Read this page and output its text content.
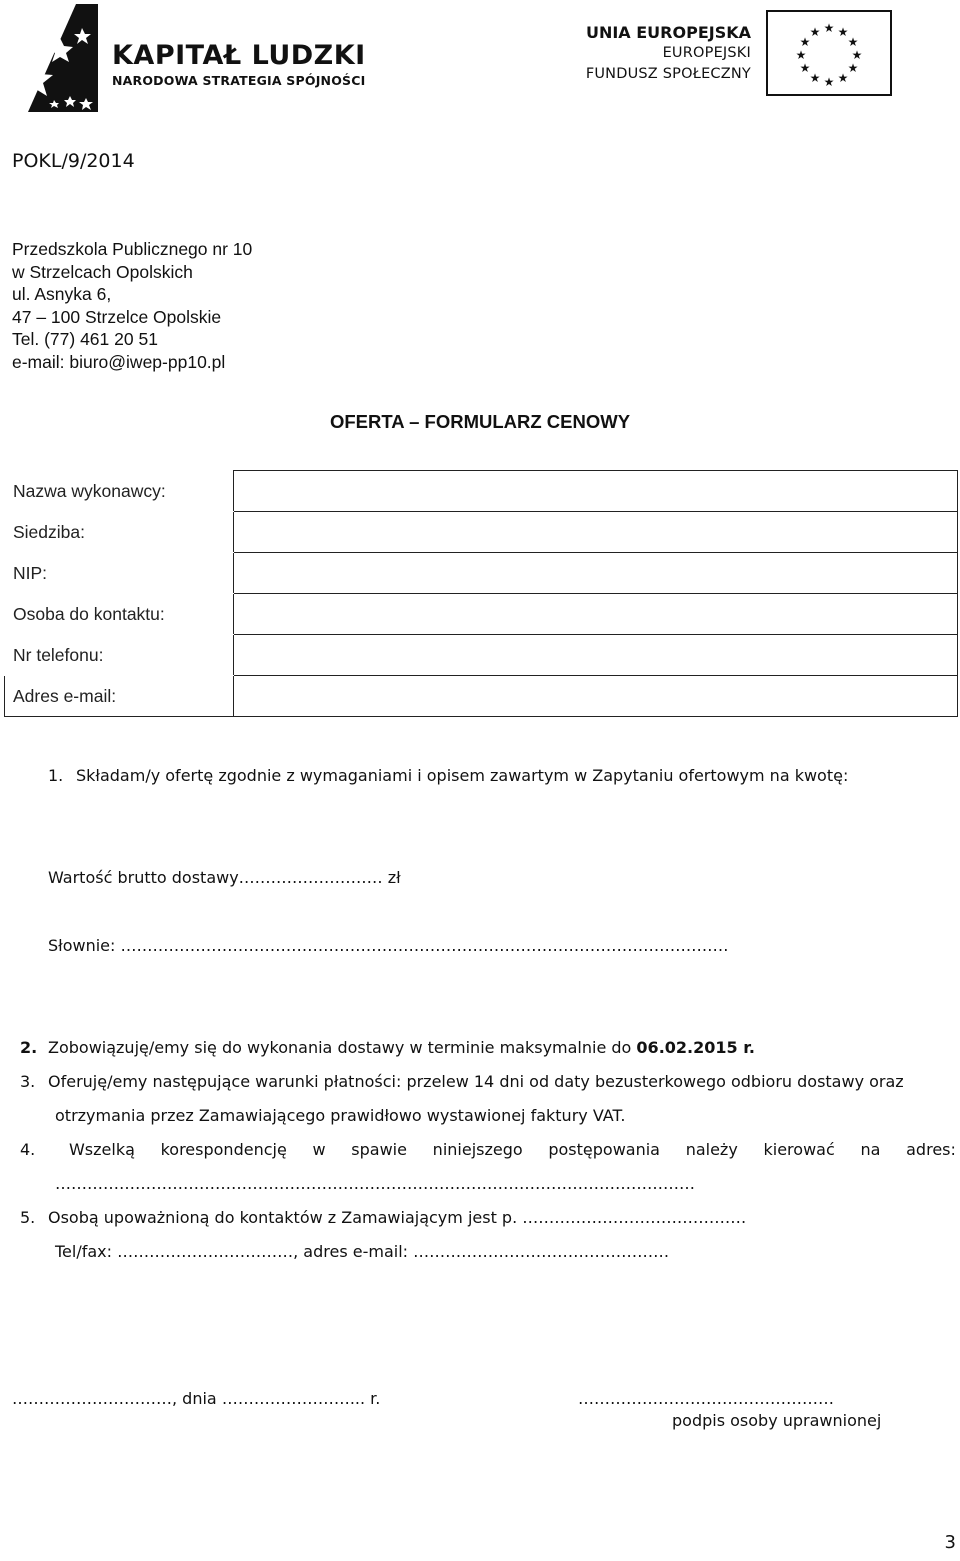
KAPITAŁ LUDZKI
NARODOWA STRATEGIA SPÓJNOŚCI
UNIA EUROPEJSKA
EUROPEJSKI
FUNDUSZ SPOŁECZNY
★ ★
★
★
★
★
★
★
★
★
★
★
POKL/9/2014
Przedszkola Publicznego nr 10
w Strzelcach Opolskich
ul. Asnyka 6,
47 – 100 Strzelce Opolskie
Tel. (77) 461 20 51
e-mail: biuro@iwep-pp10.pl
OFERTA – FORMULARZ CENOWY
Nazwa wykonawcy:	
Siedziba:	
NIP:	
Osoba do kontaktu:	
Nr telefonu:	
Adres e-mail:	
1. Składam/y ofertę zgodnie z wymaganiami i opisem zawartym w Zapytaniu ofertowym na kwotę:
Wartość brutto dostawy……………………… zł
Słownie: ……………………………………………………………………………………………………
2. Zobowiązuję/emy się do wykonania dostawy w terminie maksymalnie do 06.02.2015 r.
3. Oferuję/emy następujące warunki płatności: przelew 14 dni od daty bezusterkowego odbioru dostawy oraz
otrzymania przez Zamawiającego prawidłowo wystawionej faktury VAT.
4. Wszelką korespondencję w spawie niniejszego postępowania należy kierować na adres:
…………………………………………………………………………………………………………
5. Osobą upoważnioną do kontaktów z Zamawiającym jest p. ……………………………………
Tel/fax: ……………………………, adres e-mail: …………………………………………
…………………………, dnia ……………………... r.	…………………………………………
podpis osoby uprawnionej
3
